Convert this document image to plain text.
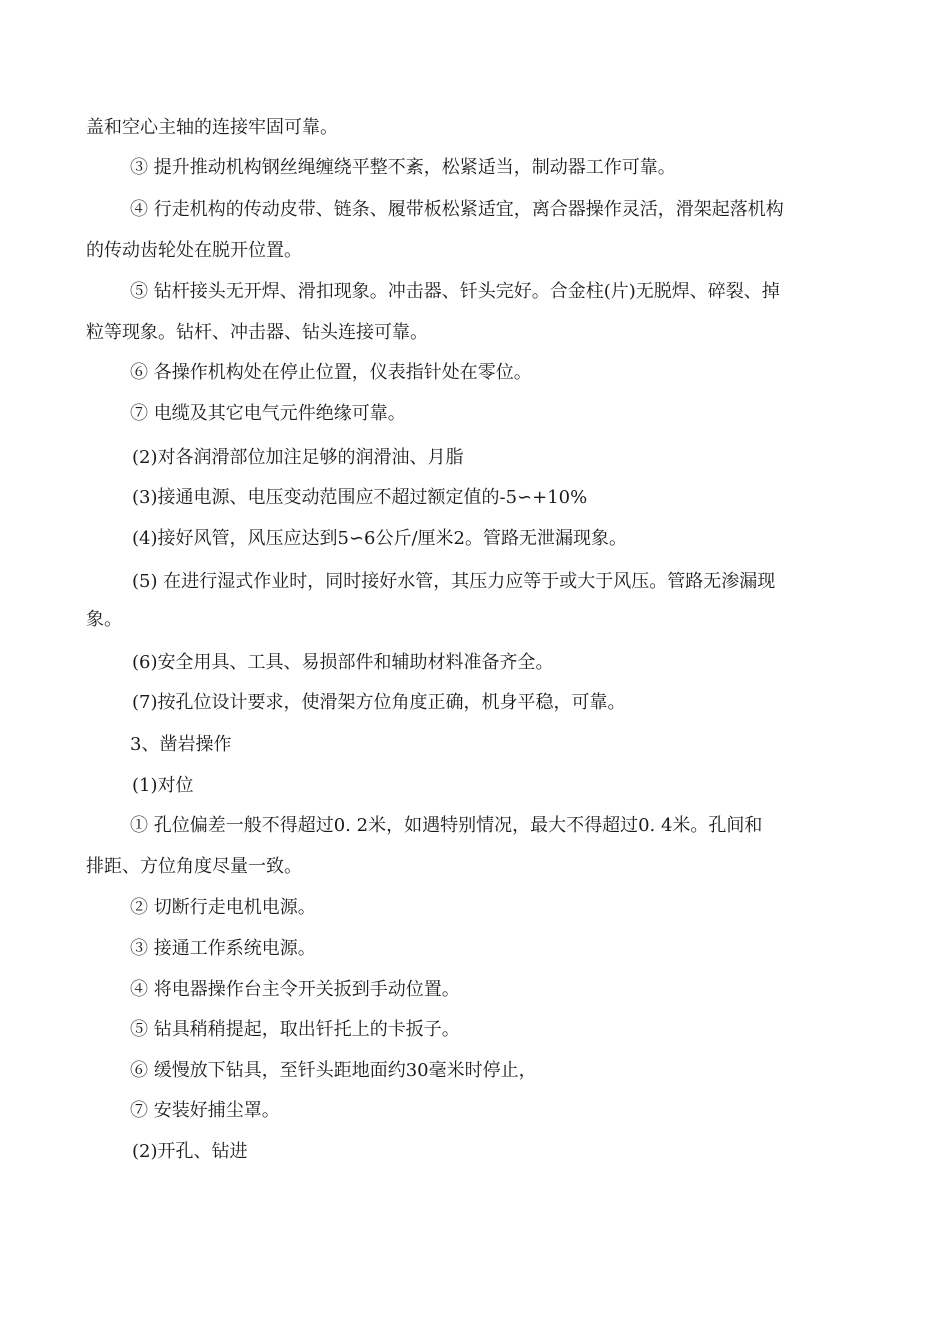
盖和空心主轴的连接牢固可靠。
③ 提升推动机构钢丝绳缠绕平整不紊，松紧适当，制动器工作可靠。
④ 行走机构的传动皮带、链条、履带板松紧适宜，离合器操作灵活，滑架起落机构
的传动齿轮处在脱开位置。
⑤ 钻杆接头无开焊、滑扣现象。冲击器、钎头完好。合金柱(片)无脱焊、碎裂、掉
粒等现象。钻杆、冲击器、钻头连接可靠。
⑥ 各操作机构处在停止位置，仪表指针处在零位。
⑦ 电缆及其它电气元件绝缘可靠。
(2)对各润滑部位加注足够的润滑油、月脂
(3)接通电源、电压变动范围应不超过额定值的-5∽+10%
(4)接好风管，风压应达到5∽6公斤/厘米2。管路无泄漏现象。
(5) 在进行湿式作业时，同时接好水管，其压力应等于或大于风压。管路无渗漏现
象。
(6)安全用具、工具、易损部件和辅助材料准备齐全。
(7)按孔位设计要求，使滑架方位角度正确，机身平稳，可靠。
3、凿岩操作
(1)对位
① 孔位偏差一般不得超过0. 2米，如遇特别情况，最大不得超过0. 4米。孔间和
排距、方位角度尽量一致。
② 切断行走电机电源。
③ 接通工作系统电源。
④ 将电器操作台主令开关扳到手动位置。
⑤ 钻具稍稍提起，取出钎托上的卡扳子。
⑥ 缓慢放下钻具，至钎头距地面约30毫米时停止，
⑦ 安装好捕尘罩。
(2)开孔、钻进
